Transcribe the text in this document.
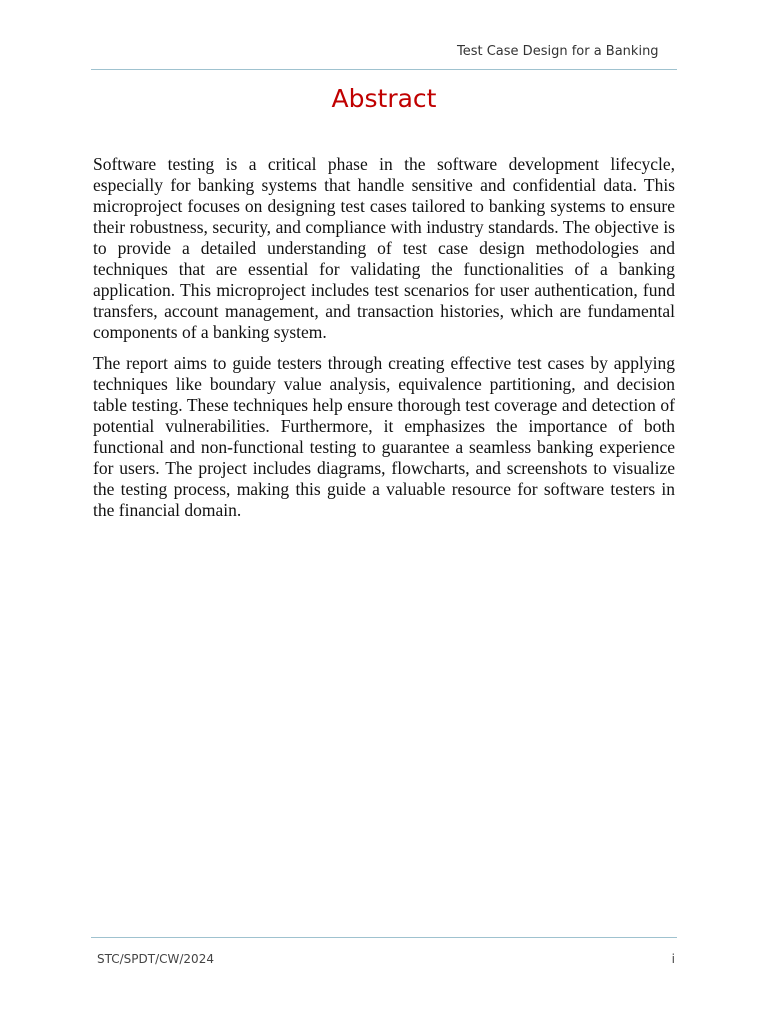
Test Case Design for a Banking
Abstract

Software testing is a critical phase in the software development lifecycle, especially for banking systems that handle sensitive and confidential data. This microproject focuses on designing test cases tailored to banking systems to ensure their robustness, security, and compliance with industry standards. The objective is to provide a detailed understanding of test case design methodologies and techniques that are essential for validating the functionalities of a banking application. This microproject includes test scenarios for user authentication, fund transfers, account management, and transaction histories, which are fundamental components of a banking system.

The report aims to guide testers through creating effective test cases by applying techniques like boundary value analysis, equivalence partitioning, and decision table testing. These techniques help ensure thorough test coverage and detection of potential vulnerabilities. Furthermore, it emphasizes the importance of both functional and non-functional testing to guarantee a seamless banking experience for users. The project includes diagrams, flowcharts, and screenshots to visualize the testing process, making this guide a valuable resource for software testers in the financial domain.

STC/SPDT/CW/2024	i
